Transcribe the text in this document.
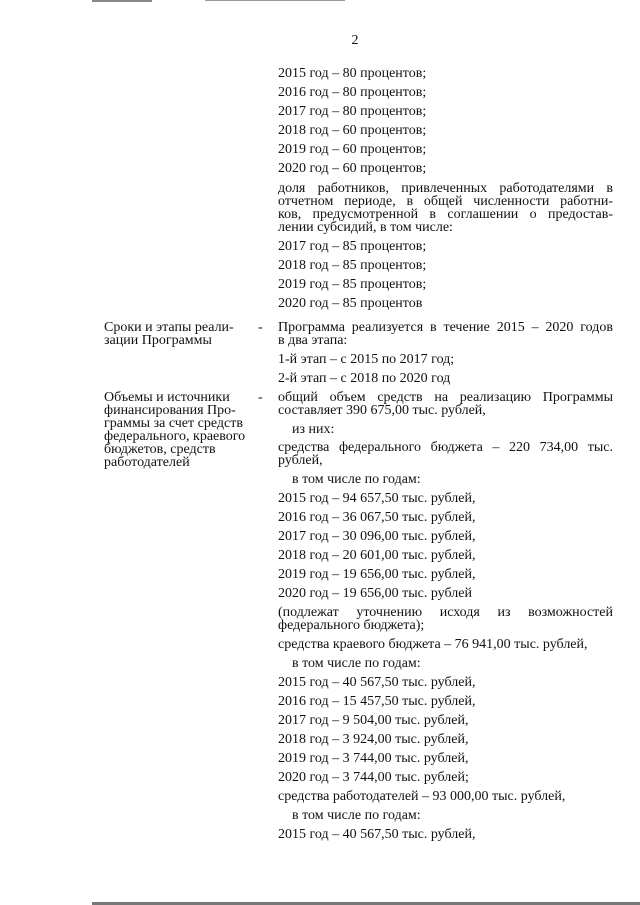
2
2015 год – 80 процентов;
2016 год – 80 процентов;
2017 год – 80 процентов;
2018 год – 60 процентов;
2019 год – 60 процентов;
2020 год – 60 процентов;
доля работников, привлеченных работодателями в
отчетном периоде, в общей численности работни-
ков, предусмотренной в соглашении о предостав-
лении субсидий, в том числе:
2017 год – 85 процентов;
2018 год – 85 процентов;
2019 год – 85 процентов;
2020 год – 85 процентов
Сроки и этапы реали-
зации Программы
- Программа реализуется в течение 2015 – 2020 годов
в два этапа:
1-й этап – с 2015 по 2017 год;
2-й этап – с 2018 по 2020 год
Объемы и источники
финансирования Про-
граммы за счет средств
федерального, краевого
бюджетов, средств
работодателей
- общий объем средств на реализацию Программы
составляет 390 675,00 тыс. рублей,
из них:
средства федерального бюджета – 220 734,00 тыс.
рублей,
в том числе по годам:
2015 год – 94 657,50 тыс. рублей,
2016 год – 36 067,50 тыс. рублей,
2017 год – 30 096,00 тыс. рублей,
2018 год – 20 601,00 тыс. рублей,
2019 год – 19 656,00 тыс. рублей,
2020 год – 19 656,00 тыс. рублей
(подлежат уточнению исходя из возможностей
федерального бюджета);
средства краевого бюджета – 76 941,00 тыс. рублей,
в том числе по годам:
2015 год – 40 567,50 тыс. рублей,
2016 год – 15 457,50 тыс. рублей,
2017 год – 9 504,00 тыс. рублей,
2018 год – 3 924,00 тыс. рублей,
2019 год – 3 744,00 тыс. рублей,
2020 год – 3 744,00 тыс. рублей;
средства работодателей – 93 000,00 тыс. рублей,
в том числе по годам:
2015 год – 40 567,50 тыс. рублей,
